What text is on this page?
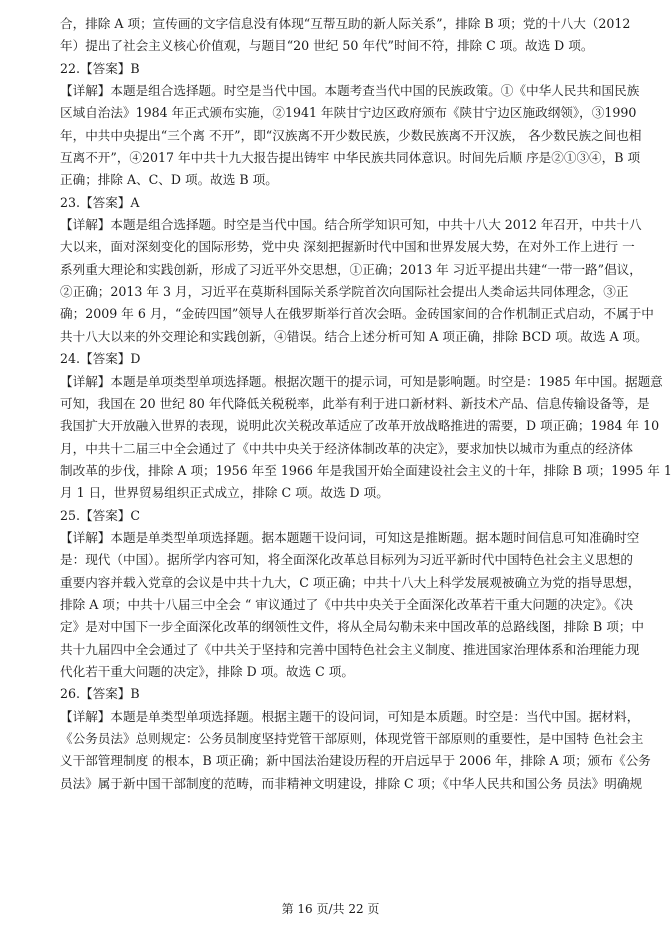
合，排除 A 项；宣传画的文字信息没有体现“互帮互助的新人际关系”，排除 B 项；党的十八大（2012
年）提出了社会主义核心价值观，与题目“20 世纪 50 年代”时间不符，排除 C 项。故选 D 项。
22.【答案】B
【详解】本题是组合选择题。时空是当代中国。本题考查当代中国的民族政策。①《中华人民共和国民族
区域自治法》1984 年正式颁布实施，②1941 年陕甘宁边区政府颁布《陕甘宁边区施政纲领》，③1990
年，中共中央提出“三个离 不开”，即“汉族离不开少数民族，少数民族离不开汉族， 各少数民族之间也相
互离不开”，④2017 年中共十九大报告提出铸牢 中华民族共同体意识。时间先后顺 序是②①③④，B 项
正确；排除 A、C、D 项。故选 B 项。
23.【答案】A
【详解】本题是组合选择题。时空是当代中国。结合所学知识可知，中共十八大 2012 年召开，中共十八
大以来，面对深刻变化的国际形势，党中央 深刻把握新时代中国和世界发展大势，在对外工作上进行 一
系列重大理论和实践创新，形成了习近平外交思想，①正确；2013 年 习近平提出共建“一带一路”倡议，
②正确；2013 年 3 月，习近平在莫斯科国际关系学院首次向国际社会提出人类命运共同体理念，③正
确；2009 年 6 月，“金砖四国”领导人在俄罗斯举行首次会晤。金砖国家间的合作机制正式启动，不属于中
共十八大以来的外交理论和实践创新，④错误。结合上述分析可知 A 项正确，排除 BCD 项。故选 A 项。
24.【答案】D
【详解】本题是单项类型单项选择题。根据次题干的提示词，可知是影响题。时空是：1985 年中国。据题意
可知，我国在 20 世纪 80 年代降低关税税率，此举有利于进口新材料、新技术产品、信息传输设备等，是
我国扩大开放融入世界的表现，说明此次关税改革适应了改革开放战略推进的需要，D 项正确；1984 年 10
月，中共十二届三中全会通过了《中共中央关于经济体制改革的决定》，要求加快以城市为重点的经济体
制改革的步伐，排除 A 项；1956 年至 1966 年是我国开始全面建设社会主义的十年，排除 B 项；1995 年 1
月 1 日，世界贸易组织正式成立，排除 C 项。故选 D 项。
25.【答案】C
【详解】本题是单类型单项选择题。据本题题干设问词，可知这是推断题。据本题时间信息可知准确时空
是：现代（中国）。据所学内容可知，将全面深化改革总目标列为习近平新时代中国特色社会主义思想的
重要内容并载入党章的会议是中共十九大，C 项正确；中共十八大上科学发展观被确立为党的指导思想，
排除 A 项；中共十八届三中全会 “ 审议通过了《中共中央关于全面深化改革若干重大问题的决定》。《决
定》是对中国下一步全面深化改革的纲领性文件，将从全局勾勒未来中国改革的总路线图，排除 B 项；中
共十九届四中全会通过了《中共关于坚持和完善中国特色社会主义制度、推进国家治理体系和治理能力现
代化若干重大问题的决定》，排除 D 项。故选 C 项。
26.【答案】B
【详解】本题是单类型单项选择题。根据主题干的设问词，可知是本质题。时空是：当代中国。据材料，
《公务员法》总则规定：公务员制度坚持党管干部原则，体现党管干部原则的重要性，是中国特 色社会主
义干部管理制度 的根本，B 项正确；新中国法治建设历程的开启远早于 2006 年，排除 A 项；颁布《公务
员法》属于新中国干部制度的范畴，而非精神文明建设，排除 C 项；《中华人民共和国公务 员法》明确规
第 16 页/共 22 页
